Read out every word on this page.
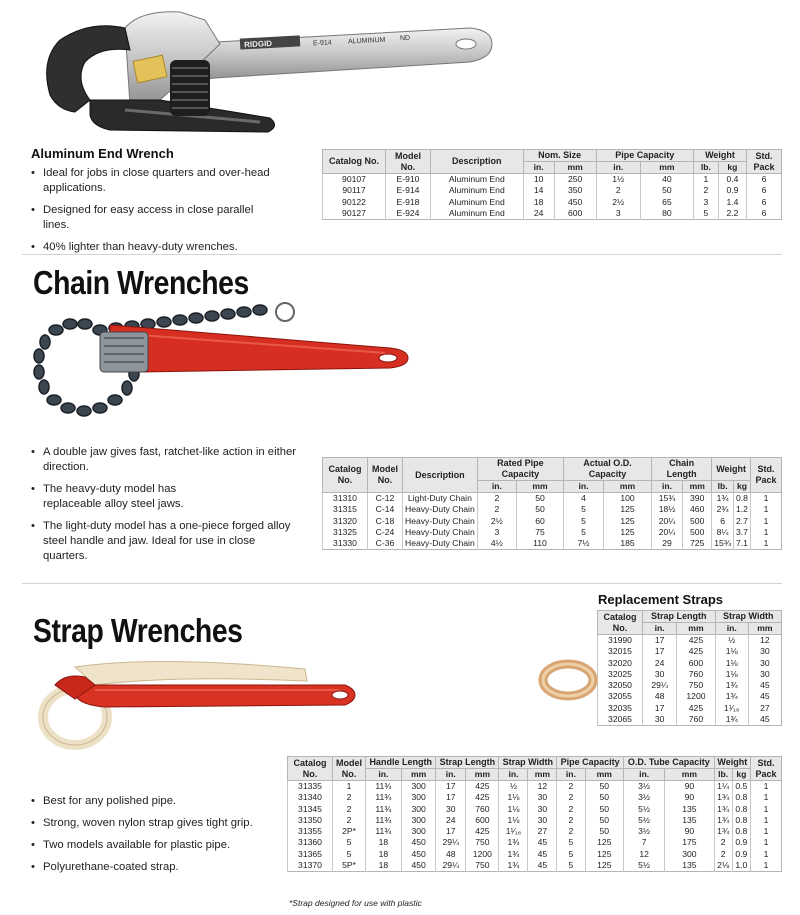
RIDGID	E-914 ALUMINUM ND
Aluminum End Wrench
• Ideal for jobs in close quarters and over-head applications.
• Designed for easy access in close parallel lines.
• 40% lighter than heavy-duty wrenches.
Catalog No.	Model No.	Description	Nom. Size		Pipe Capacity		Weight		Std. Pack
			in.	mm	in.	mm	lb.	kg	
90107	E-910	Aluminum End	10	250	1½	40	1	0.4	6
90117	E-914	Aluminum End	14	350	2	50	2	0.9	6
90122	E-918	Aluminum End	18	450	2½	65	3	1.4	6
90127	E-924	Aluminum End	24	600	3	80	5	2.2	6
Chain Wrenches
• A double jaw gives fast, ratchet-like action in either direction.
• The heavy-duty model has replaceable alloy steel jaws.
• The light-duty model has a one-piece forged alloy steel handle and jaw. Ideal for use in close quarters.
Catalog No.	Model No.	Description	Rated Pipe Capacity		Actual O.D. Capacity		Chain Length		Weight		Std. Pack
			in.	mm	in.	mm	in.	mm	lb.	kg	
31310	C-12	Light-Duty Chain	2	50	4	100	15¾	390	1¾	0.8	1
31315	C-14	Heavy-Duty Chain	2	50	5	125	18½	460	2¾	1.2	1
31320	C-18	Heavy-Duty Chain	2½	60	5	125	20¼	500	6	2.7	1
31325	C-24	Heavy-Duty Chain	3	75	5	125	20¼	500	8¼	3.7	1
31330	C-36	Heavy-Duty Chain	4½	110	7½	185	29	725	15¾	7.1	1
Strap Wrenches
Replacement Straps
Catalog No.	Strap Length		Strap Width	
	in.	mm	in.	mm
31990	17	425	½	12
32015	17	425	1⅛	30
32020	24	600	1⅛	30
32025	30	760	1⅛	30
32050	29¼	750	1¾	45
32055	48	1200	1¾	45
32035	17	425	1¹⁄₁₆	27
32065	30	760	1¾	45
• Best for any polished pipe.
• Strong, woven nylon strap gives tight grip.
• Two models available for plastic pipe.
• Polyurethane-coated strap.
Catalog No.	Model No.	Handle Length		Strap Length		Strap Width		Pipe Capacity		O.D. Tube Capacity		Weight		Std. Pack
		in.	mm	in.	mm	in.	mm	in.	mm	in.	mm	lb.	kg	
31335	1	11¾	300	17	425	½	12	2	50	3½	90	1¼	0.5	1
31340	2	11¾	300	17	425	1⅛	30	2	50	3½	90	1¾	0.8	1
31345	2	11¾	300	30	760	1⅛	30	2	50	5½	135	1¾	0.8	1
31350	2	11¾	300	24	600	1⅛	30	2	50	5½	135	1¾	0.8	1
31355	2P*	11¾	300	17	425	1¹⁄₁₆	27	2	50	3½	90	1¾	0.8	1
31360	5	18	450	29¼	750	1¾	45	5	125	7	175	2	0.9	1
31365	5	18	450	48	1200	1¾	45	5	125	12	300	2	0.9	1
31370	5P*	18	450	29¼	750	1¾	45	5	125	5½	135	2⅛	1.0	1
*Strap designed for use with plastic
